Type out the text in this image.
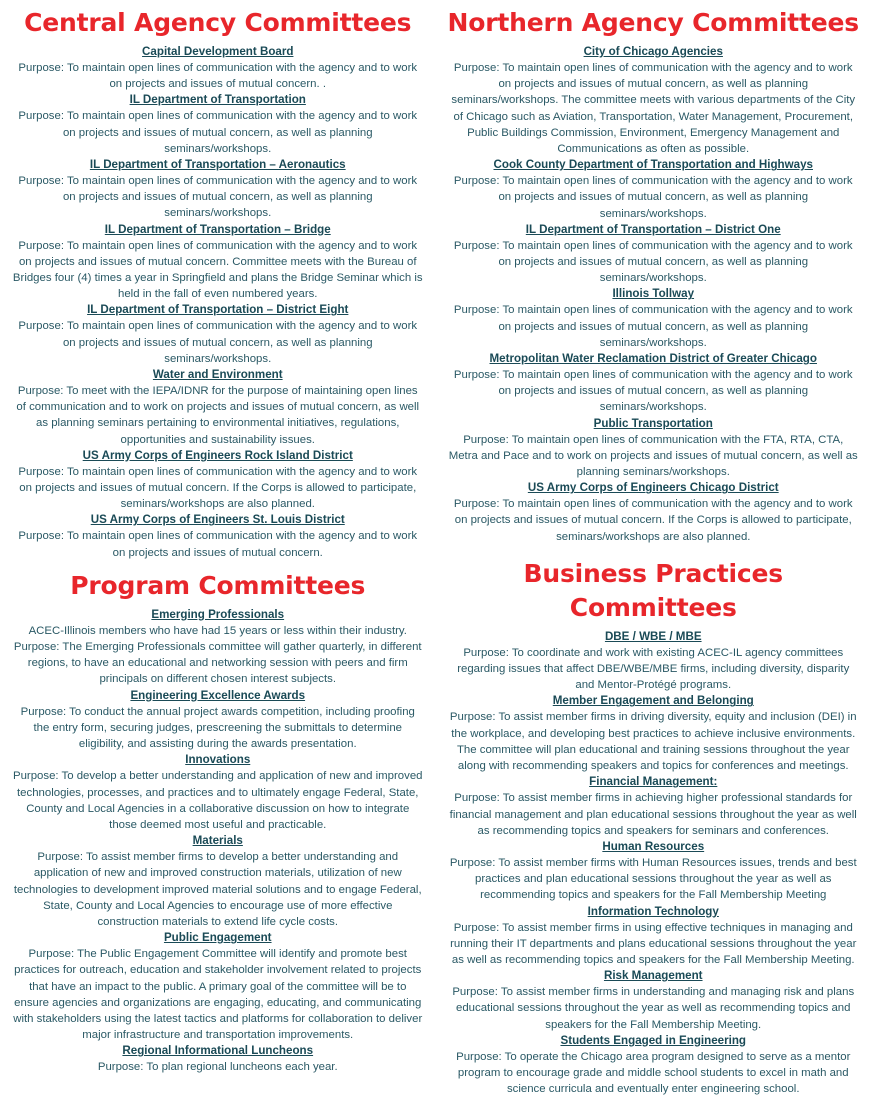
Central Agency Committees

Capital Development Board

Purpose: To maintain open lines of communication with the agency and to work on projects and issues of mutual concern. .

IL Department of Transportation

Purpose: To maintain open lines of communication with the agency and to work on projects and issues of mutual concern, as well as planning seminars/workshops.

IL Department of Transportation – Aeronautics

Purpose: To maintain open lines of communication with the agency and to work on projects and issues of mutual concern, as well as planning seminars/workshops.

IL Department of Transportation – Bridge

Purpose: To maintain open lines of communication with the agency and to work on projects and issues of mutual concern. Committee meets with the Bureau of Bridges four (4) times a year in Springfield and plans the Bridge Seminar which is held in the fall of even numbered years.

IL Department of Transportation – District Eight

Purpose: To maintain open lines of communication with the agency and to work on projects and issues of mutual concern, as well as planning seminars/workshops.

Water and Environment

Purpose: To meet with the IEPA/IDNR for the purpose of maintaining open lines of communication and to work on projects and issues of mutual concern, as well as planning seminars pertaining to environmental initiatives, regulations, opportunities and sustainability issues.

US Army Corps of Engineers Rock Island District

Purpose: To maintain open lines of communication with the agency and to work on projects and issues of mutual concern. If the Corps is allowed to participate, seminars/workshops are also planned.

US Army Corps of Engineers St. Louis District

Purpose: To maintain open lines of communication with the agency and to work on projects and issues of mutual concern.

Program Committees

Emerging Professionals

ACEC-Illinois members who have had 15 years or less within their industry. Purpose: The Emerging Professionals committee will gather quarterly, in different regions, to have an educational and networking session with peers and firm principals on different chosen interest subjects.

Engineering Excellence Awards

Purpose: To conduct the annual project awards competition, including proofing the entry form, securing judges, prescreening the submittals to determine eligibility, and assisting during the awards presentation.

Innovations

Purpose: To develop a better understanding and application of new and improved technologies, processes, and practices and to ultimately engage Federal, State, County and Local Agencies in a collaborative discussion on how to integrate those deemed most useful and practicable.

Materials

Purpose: To assist member firms to develop a better understanding and application of new and improved construction materials, utilization of new technologies to development improved material solutions and to engage Federal, State, County and Local Agencies to encourage use of more effective construction materials to extend life cycle costs.

Public Engagement

Purpose: The Public Engagement Committee will identify and promote best practices for outreach, education and stakeholder involvement related to projects that have an impact to the public. A primary goal of the committee will be to ensure agencies and organizations are engaging, educating, and communicating with stakeholders using the latest tactics and platforms for collaboration to deliver major infrastructure and transportation improvements.

Regional Informational Luncheons

Purpose: To plan regional luncheons each year.

Northern Agency Committees

City of Chicago Agencies

Purpose: To maintain open lines of communication with the agency and to work on projects and issues of mutual concern, as well as planning seminars/workshops. The committee meets with various departments of the City of Chicago such as Aviation, Transportation, Water Management, Procurement, Public Buildings Commission, Environment, Emergency Management and Communications as often as possible.

Cook County Department of Transportation and Highways

Purpose: To maintain open lines of communication with the agency and to work on projects and issues of mutual concern, as well as planning seminars/workshops.

IL Department of Transportation – District One

Purpose: To maintain open lines of communication with the agency and to work on projects and issues of mutual concern, as well as planning seminars/workshops.

Illinois Tollway

Purpose: To maintain open lines of communication with the agency and to work on projects and issues of mutual concern, as well as planning seminars/workshops.

Metropolitan Water Reclamation District of Greater Chicago

Purpose: To maintain open lines of communication with the agency and to work on projects and issues of mutual concern, as well as planning seminars/workshops.

Public Transportation

Purpose: To maintain open lines of communication with the FTA, RTA, CTA, Metra and Pace and to work on projects and issues of mutual concern, as well as planning seminars/workshops.

US Army Corps of Engineers Chicago District

Purpose: To maintain open lines of communication with the agency and to work on projects and issues of mutual concern. If the Corps is allowed to participate, seminars/workshops are also planned.

Business Practices Committees

DBE / WBE / MBE

Purpose: To coordinate and work with existing ACEC-IL agency committees regarding issues that affect DBE/WBE/MBE firms, including diversity, disparity and Mentor-Protégé programs.

Member Engagement and Belonging

Purpose: To assist member firms in driving diversity, equity and inclusion (DEI) in the workplace, and developing best practices to achieve inclusive environments. The committee will plan educational and training sessions throughout the year along with recommending speakers and topics for conferences and meetings.

Financial Management:

Purpose: To assist member firms in achieving higher professional standards for financial management and plan educational sessions throughout the year as well as recommending topics and speakers for seminars and conferences.

Human Resources

Purpose: To assist member firms with Human Resources issues, trends and best practices and plan educational sessions throughout the year as well as recommending topics and speakers for the Fall Membership Meeting

Information Technology

Purpose: To assist member firms in using effective techniques in managing and running their IT departments and plans educational sessions throughout the year as well as recommending topics and speakers for the Fall Membership Meeting.

Risk Management

Purpose: To assist member firms in understanding and managing risk and plans educational sessions throughout the year as well as recommending topics and speakers for the Fall Membership Meeting.

Students Engaged in Engineering

Purpose: To operate the Chicago area program designed to serve as a mentor program to encourage grade and middle school students to excel in math and science curricula and eventually enter engineering school.
